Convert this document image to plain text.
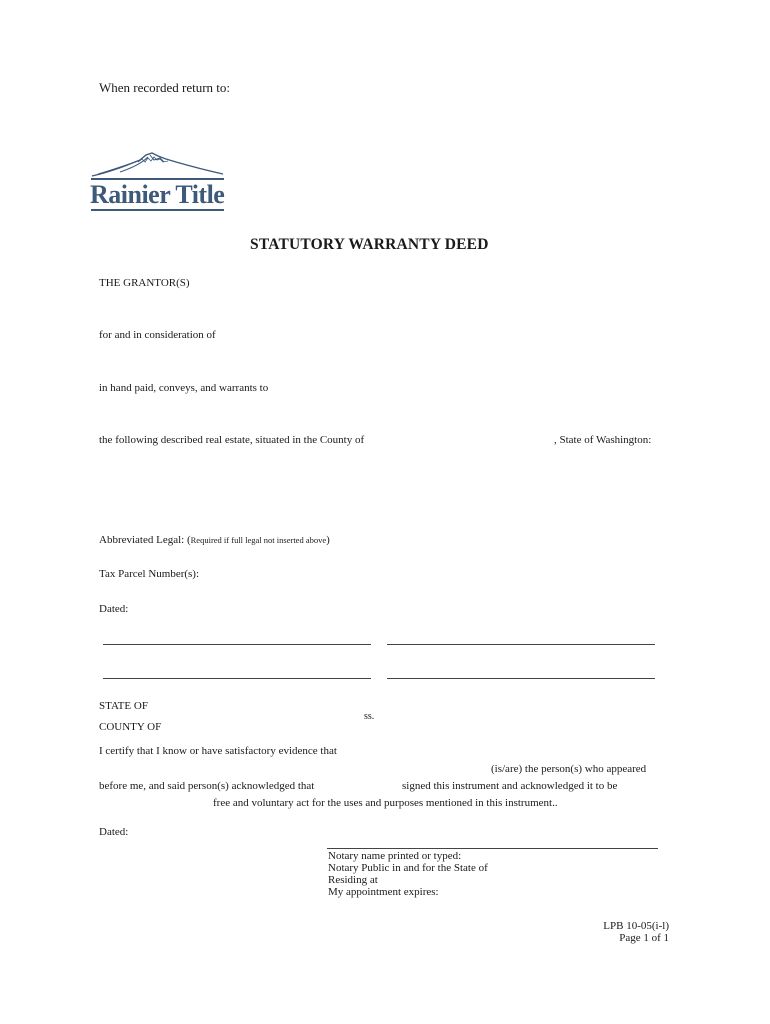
When recorded return to:
Rainier Title
STATUTORY WARRANTY DEED
THE GRANTOR(S)
for and in consideration of
in hand paid, conveys, and warrants to
the following described real estate, situated in the County of	, State of Washington:
Abbreviated Legal: (Required if full legal not inserted above)
Tax Parcel Number(s):
Dated:
STATE OF
ss.
COUNTY OF
I certify that I know or have satisfactory evidence that
(is/are) the person(s) who appeared
before me, and said person(s) acknowledged that	signed this instrument and acknowledged it to be
free and voluntary act for the uses and purposes mentioned in this instrument..
Dated:
Notary name printed or typed:
Notary Public in and for the State of
Residing at
My appointment expires:
LPB 10-05(i-l)
Page 1 of 1
